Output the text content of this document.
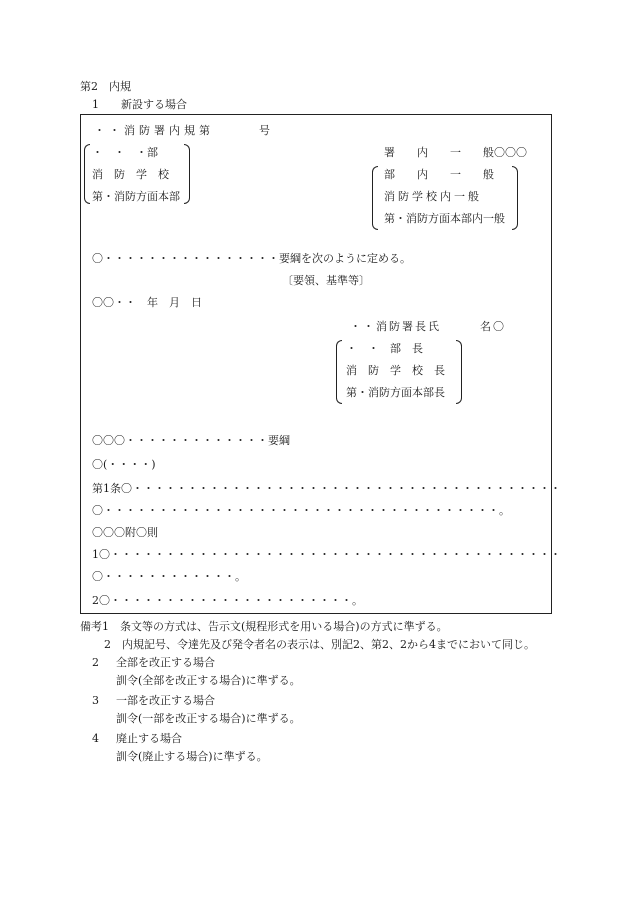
第2　内規
1　　新設する場合
・・消防署内規第　　　号
・　・　・部
消　防　学　校
第・消防方面本部
署　　内　　一　　般〇〇〇
部　　内　　一　　般
消防学校内一般
第・消防方面本部内一般
〇・・・・・・・・・・・・・・・・要綱を次のように定める。
〔要領、基準等〕
〇〇・・　年　月　日
・・消防署長氏　　　名〇
・　・　部　長
消　防　学　校　長
第・消防方面本部長
〇〇〇・・・・・・・・・・・・・要綱
〇(・・・・)
第1条〇・・・・・・・・・・・・・・・・・・・・・・・・・・・・・・・・・・・・・・・
〇・・・・・・・・・・・・・・・・・・・・・・・・・・・・・・・・・・・・。
〇〇〇附〇則
1〇・・・・・・・・・・・・・・・・・・・・・・・・・・・・・・・・・・・・・・・・・
〇・・・・・・・・・・・・。
2〇・・・・・・・・・・・・・・・・・・・・・・。
備考1　条文等の方式は、告示文(規程形式を用いる場合)の方式に準ずる。
2　内規記号、令達先及び発令者名の表示は、別記2、第2、2から4までにおいて同じ。
2 全部を改正する場合
訓令(全部を改正する場合)に準ずる。
3 一部を改正する場合
訓令(一部を改正する場合)に準ずる。
4 廃止する場合
訓令(廃止する場合)に準ずる。
